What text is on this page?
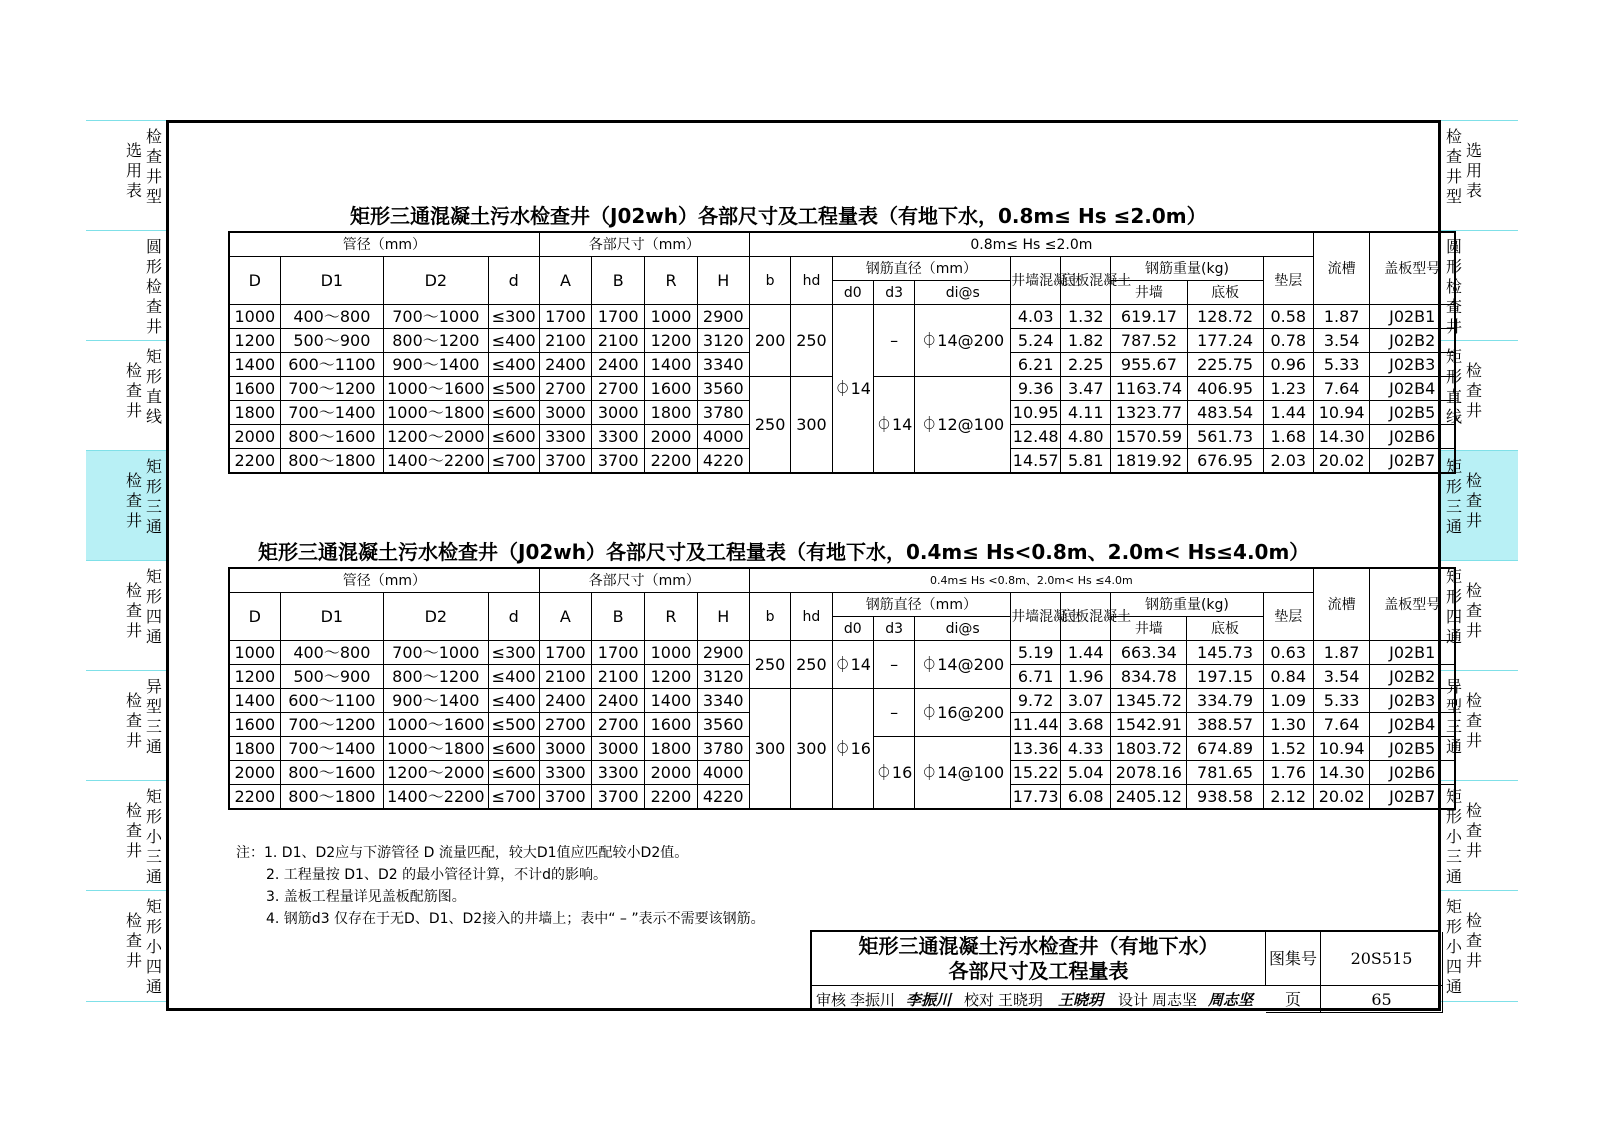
检查井型
选用表
圆形检查井
矩形直线
检查井
矩形三通
检查井
矩形四通
检查井
异型三通
检查井
矩形小三通
检查井
矩形小四通
检查井
检查井型
选用表
圆形检查井
矩形直线
检查井
矩形三通
检查井
矩形四通
检查井
异型三通
检查井
矩形小三通
检查井
矩形小四通
检查井
矩形三通混凝土污水检查井（J02wh）各部尺寸及工程量表（有地下水，0.8m≤ Hs ≤2.0m）
管径（mm）				各部尺寸（mm）				0.8m≤ Hs ≤2.0m										流槽	盖板型号
D	D1	D2	d	A	B	R	H	b	hd	钢筋直径（mm）			井墙混凝土	底板混凝土	钢筋重量(kg)		垫层		
										d0	d3	di@s			井墙	底板			
1000	400～800	700～1000	≤300	1700	1700	1000	2900	200	250	⏀14	–	⏀14@200	4.03	1.32	619.17	128.72	0.58	1.87	J02B1
1200	500～900	800～1200	≤400	2100	2100	1200	3120						5.24	1.82	787.52	177.24	0.78	3.54	J02B2
1400	600～1100	900～1400	≤400	2400	2400	1400	3340						6.21	2.25	955.67	225.75	0.96	5.33	J02B3
1600	700～1200	1000～1600	≤500	2700	2700	1600	3560	250	300		⏀14	⏀12@100	9.36	3.47	1163.74	406.95	1.23	7.64	J02B4
1800	700～1400	1000～1800	≤600	3000	3000	1800	3780						10.95	4.11	1323.77	483.54	1.44	10.94	J02B5
2000	800～1600	1200～2000	≤600	3300	3300	2000	4000						12.48	4.80	1570.59	561.73	1.68	14.30	J02B6
2200	800～1800	1400～2200	≤700	3700	3700	2200	4220						14.57	5.81	1819.92	676.95	2.03	20.02	J02B7
矩形三通混凝土污水检查井（J02wh）各部尺寸及工程量表（有地下水，0.4m≤ Hs<0.8m、2.0m< Hs≤4.0m）
管径（mm）				各部尺寸（mm）				0.4m≤ Hs <0.8m、2.0m< Hs ≤4.0m										流槽	盖板型号
D	D1	D2	d	A	B	R	H	b	hd	钢筋直径（mm）			井墙混凝土	底板混凝土	钢筋重量(kg)		垫层		
										d0	d3	di@s			井墙	底板			
1000	400～800	700～1000	≤300	1700	1700	1000	2900	250	250	⏀14	–	⏀14@200	5.19	1.44	663.34	145.73	0.63	1.87	J02B1
1200	500～900	800～1200	≤400	2100	2100	1200	3120						6.71	1.96	834.78	197.15	0.84	3.54	J02B2
1400	600～1100	900～1400	≤400	2400	2400	1400	3340	300	300	⏀16	–	⏀16@200	9.72	3.07	1345.72	334.79	1.09	5.33	J02B3
1600	700～1200	1000～1600	≤500	2700	2700	1600	3560						11.44	3.68	1542.91	388.57	1.30	7.64	J02B4
1800	700～1400	1000～1800	≤600	3000	3000	1800	3780				⏀16	⏀14@100	13.36	4.33	1803.72	674.89	1.52	10.94	J02B5
2000	800～1600	1200～2000	≤600	3300	3300	2000	4000						15.22	5.04	2078.16	781.65	1.76	14.30	J02B6
2200	800～1800	1400～2200	≤700	3700	3700	2200	4220						17.73	6.08	2405.12	938.58	2.12	20.02	J02B7
注：1. D1、D2应与下游管径 D 流量匹配，较大D1值应匹配较小D2值。
2. 工程量按 D1、D2 的最小管径计算，不计d的影响。
3. 盖板工程量详见盖板配筋图。
4. 钢筋d3 仅存在于无D、D1、D2接入的井墙上；表中“ – ”表示不需要该钢筋。
矩形三通混凝土污水检查井（有地下水）
各部尺寸及工程量表
图集号	20S515
页	65
审核 李振川 李振川 校对 王晓玥 王晓玥 设计 周志坚 周志坚
